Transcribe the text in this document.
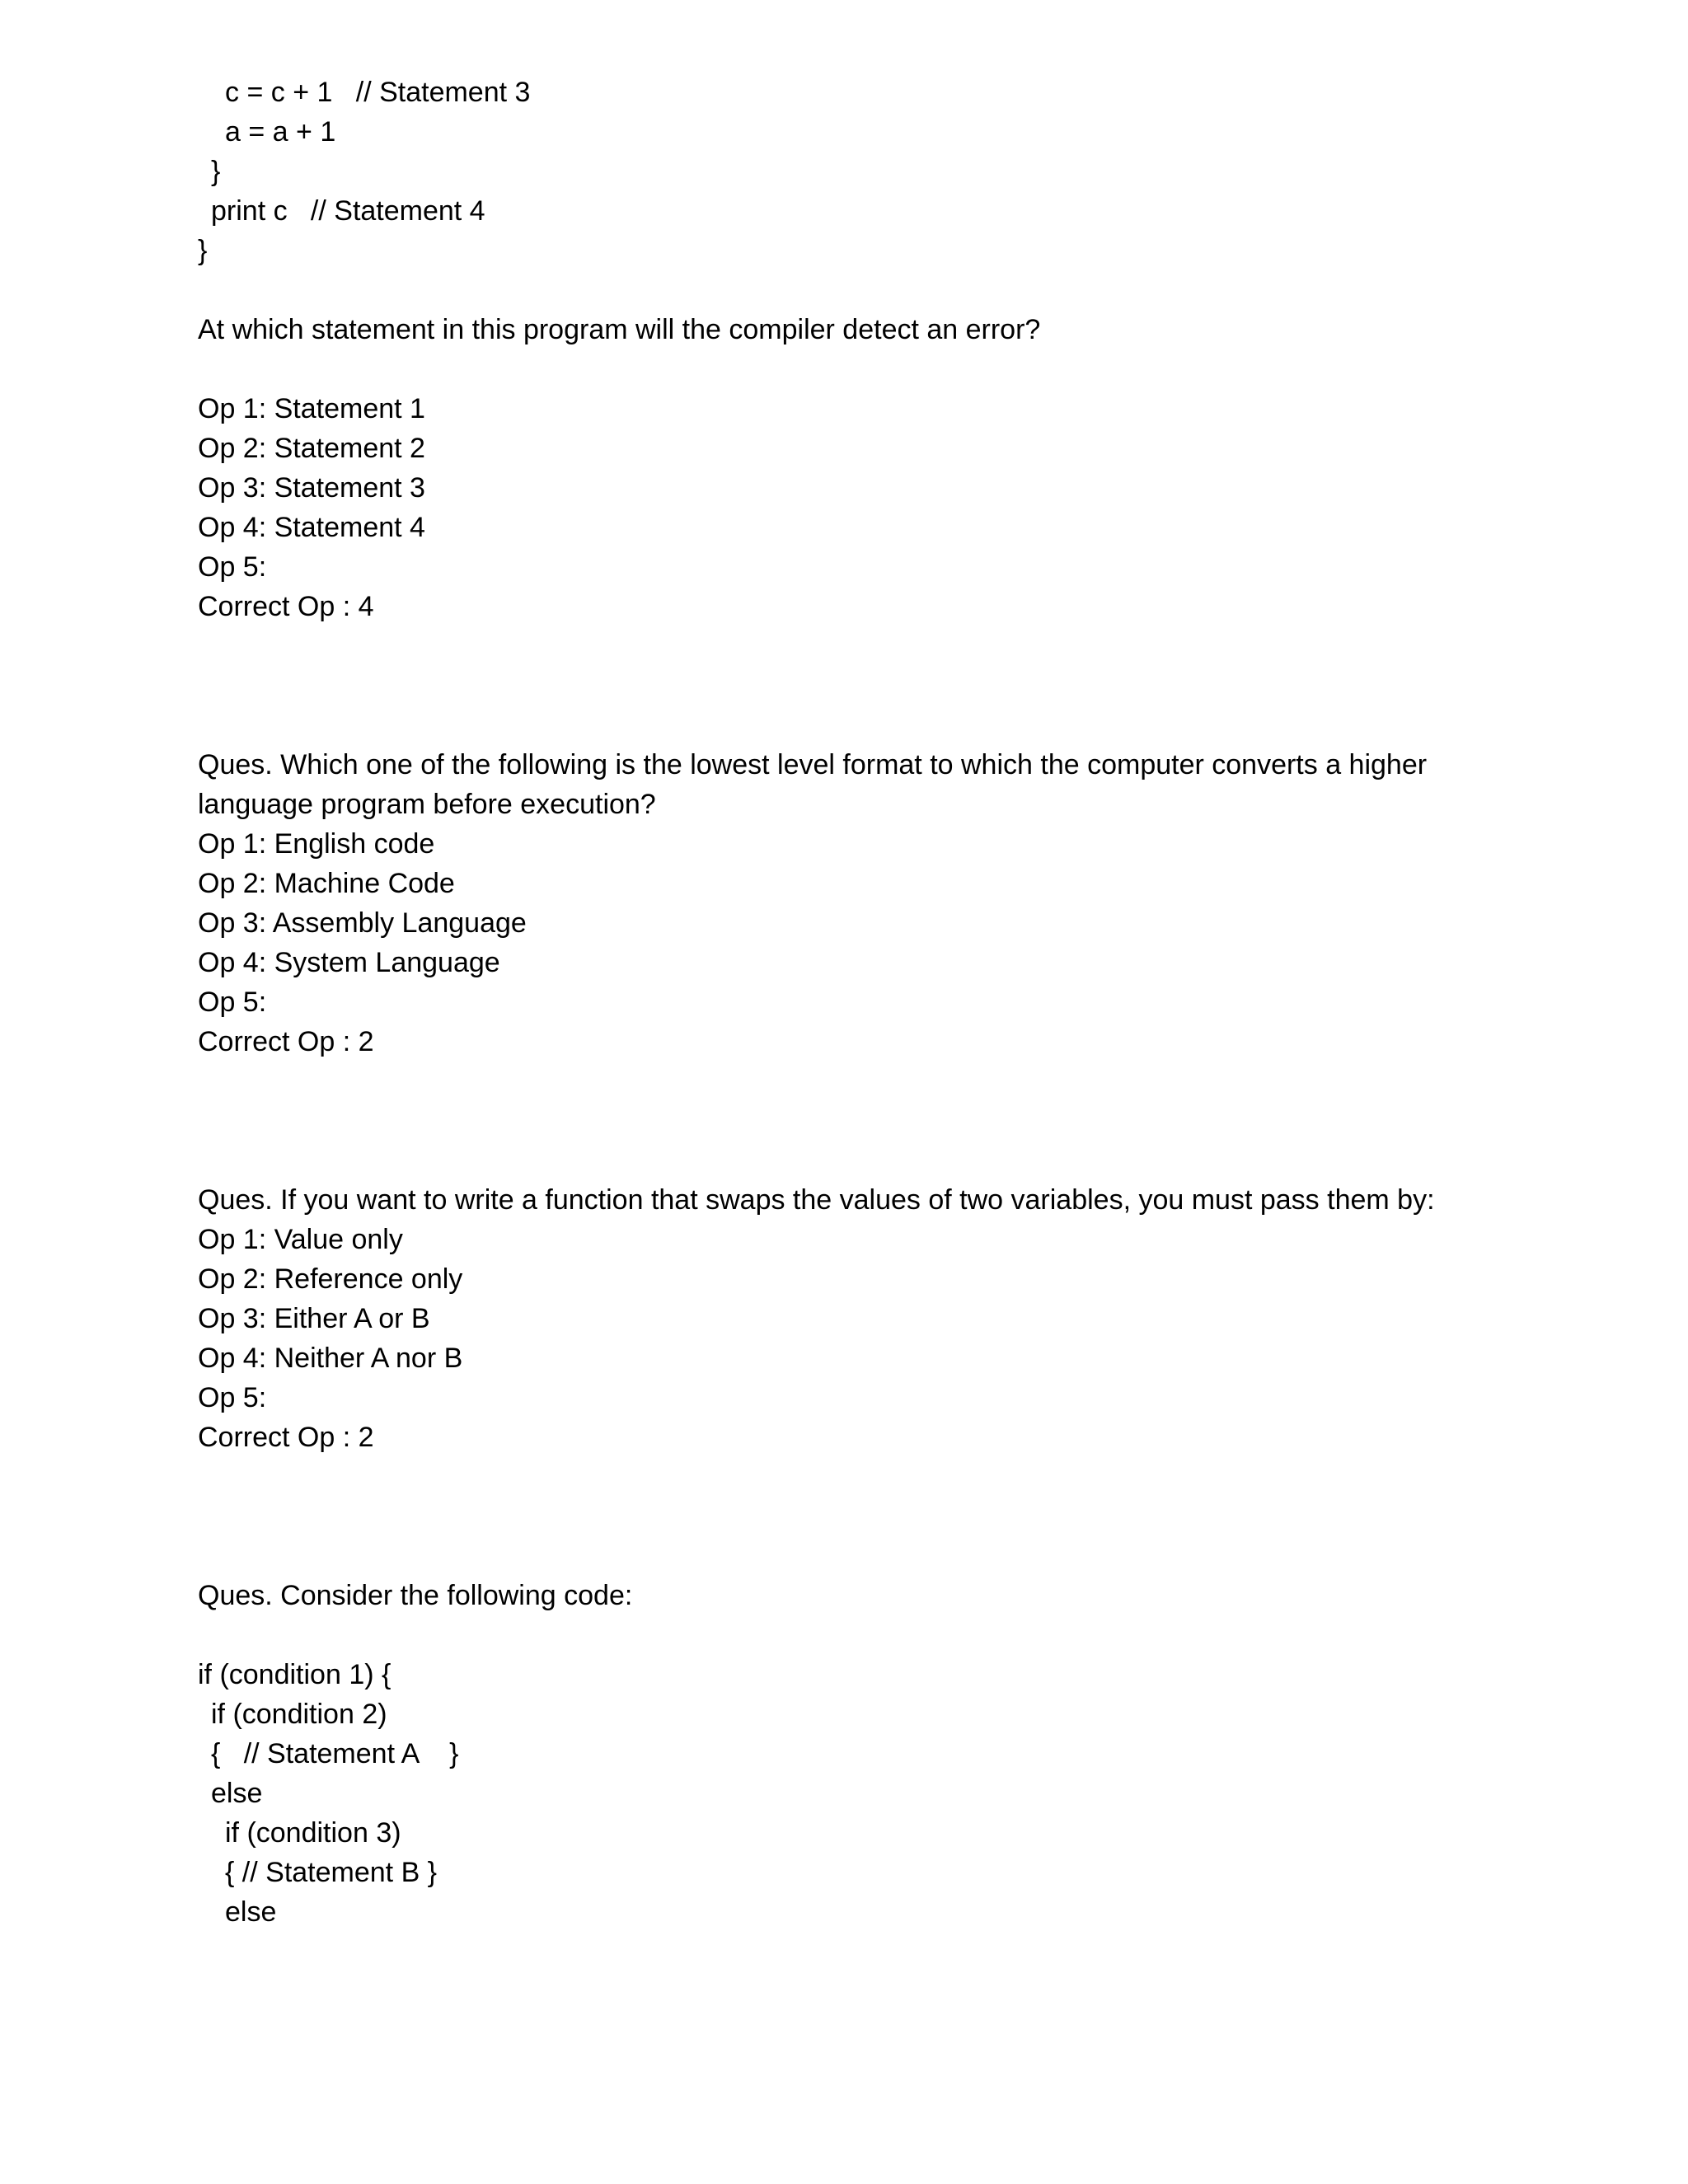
c = c + 1   // Statement 3
a = a + 1
}
print c   // Statement 4
}
At which statement in this program will the compiler detect an error?
Op 1: Statement 1
Op 2: Statement 2
Op 3: Statement 3
Op 4: Statement 4
Op 5:
Correct Op : 4
Ques. Which one of the following is the lowest level format to which the computer converts a higher
language program before execution?
Op 1: English code
Op 2: Machine Code
Op 3: Assembly Language
Op 4: System Language
Op 5:
Correct Op : 2
Ques. If you want to write a function that swaps the values of two variables, you must pass them by:
Op 1: Value only
Op 2: Reference only
Op 3: Either A or B
Op 4: Neither A nor B
Op 5:
Correct Op : 2
Ques. Consider the following code:
if (condition 1) {
if (condition 2)
{   // Statement A    }
else
if (condition 3)
{ // Statement B }
else
